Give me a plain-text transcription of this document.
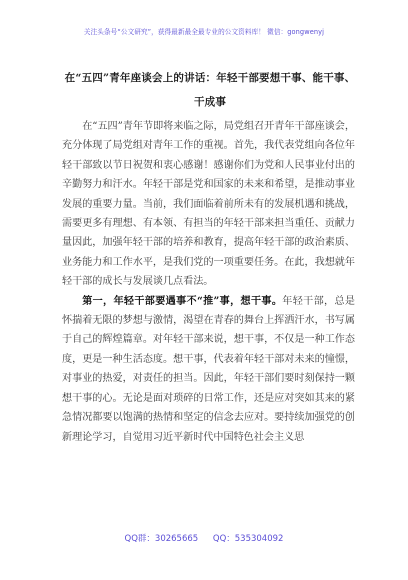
关注头条号“公文研究”，获得最新最全最专业的公文资料库！ 微信：gongwenyj
在“五四”青年座谈会上的讲话：年轻干部要想干事、能干事、干成事

在“五四”青年节即将来临之际，局党组召开青年干部座谈会，充分体现了局党组对青年工作的重视。首先，我代表党组向各位年轻干部致以节日祝贺和衷心感谢！感谢你们为党和人民事业付出的辛勤努力和汗水。年轻干部是党和国家的未来和希望，是推动事业发展的重要力量。当前，我们面临着前所未有的发展机遇和挑战，需要更多有理想、有本领、有担当的年轻干部来担当重任、贡献力量因此，加强年轻干部的培养和教育，提高年轻干部的政治素质、业务能力和工作水平，是我们党的一项重要任务。在此，我想就年轻干部的成长与发展谈几点看法。

第一，年轻干部要遇事不“推”事，想干事。年轻干部，总是怀揣着无限的梦想与激情，渴望在青春的舞台上挥洒汗水，书写属于自己的辉煌篇章。对年轻干部来说，想干事，不仅是一种工作态度，更是一种生活态度。想干事，代表着年轻干部对未来的憧憬，对事业的热爱，对责任的担当。因此，年轻干部们要时刻保持一颗想干事的心。无论是面对琐碎的日常工作，还是应对突如其来的紧急情况都要以饱满的热情和坚定的信念去应对。要持续加强党的创新理论学习，自觉用习近平新时代中国特色社会主义思

QQ群：30265665 QQ：535304092
